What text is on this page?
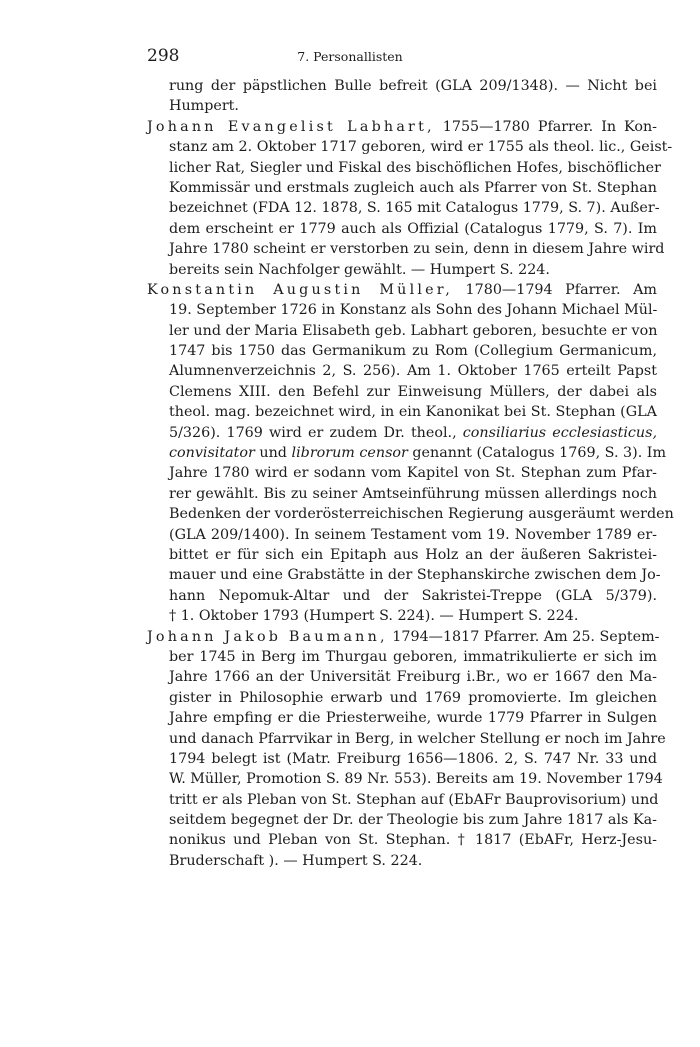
298	7. Personallisten
rung der päpstlichen Bulle befreit (GLA 209/1348). — Nicht bei
Humpert.
Johann Evangelist Labhart, 1755—1780 Pfarrer. In Kon-
stanz am 2. Oktober 1717 geboren, wird er 1755 als theol. lic., Geist-
licher Rat, Siegler und Fiskal des bischöflichen Hofes, bischöflicher
Kommissär und erstmals zugleich auch als Pfarrer von St. Stephan
bezeichnet (FDA 12. 1878, S. 165 mit Catalogus 1779, S. 7). Außer-
dem erscheint er 1779 auch als Offizial (Catalogus 1779, S. 7). Im
Jahre 1780 scheint er verstorben zu sein, denn in diesem Jahre wird
bereits sein Nachfolger gewählt. — Humpert S. 224.
Konstantin Augustin Müller, 1780—1794 Pfarrer. Am
19. September 1726 in Konstanz als Sohn des Johann Michael Mül-
ler und der Maria Elisabeth geb. Labhart geboren, besuchte er von
1747 bis 1750 das Germanikum zu Rom (Collegium Germanicum,
Alumnenverzeichnis 2, S. 256). Am 1. Oktober 1765 erteilt Papst
Clemens XIII. den Befehl zur Einweisung Müllers, der dabei als
theol. mag. bezeichnet wird, in ein Kanonikat bei St. Stephan (GLA
5/326). 1769 wird er zudem Dr. theol., consiliarius ecclesiasticus,
convisitator und librorum censor genannt (Catalogus 1769, S. 3). Im
Jahre 1780 wird er sodann vom Kapitel von St. Stephan zum Pfar-
rer gewählt. Bis zu seiner Amtseinführung müssen allerdings noch
Bedenken der vorderösterreichischen Regierung ausgeräumt werden
(GLA 209/1400). In seinem Testament vom 19. November 1789 er-
bittet er für sich ein Epitaph aus Holz an der äußeren Sakristei-
mauer und eine Grabstätte in der Stephanskirche zwischen dem Jo-
hann Nepomuk-Altar und der Sakristei-Treppe (GLA 5/379).
† 1. Oktober 1793 (Humpert S. 224). — Humpert S. 224.
Johann Jakob Baumann, 1794—1817 Pfarrer. Am 25. Septem-
ber 1745 in Berg im Thurgau geboren, immatrikulierte er sich im
Jahre 1766 an der Universität Freiburg i.Br., wo er 1667 den Ma-
gister in Philosophie erwarb und 1769 promovierte. Im gleichen
Jahre empfing er die Priesterweihe, wurde 1779 Pfarrer in Sulgen
und danach Pfarrvikar in Berg, in welcher Stellung er noch im Jahre
1794 belegt ist (Matr. Freiburg 1656—1806. 2, S. 747 Nr. 33 und
W. Müller, Promotion S. 89 Nr. 553). Bereits am 19. November 1794
tritt er als Pleban von St. Stephan auf (EbAFr Bauprovisorium) und
seitdem begegnet der Dr. der Theologie bis zum Jahre 1817 als Ka-
nonikus und Pleban von St. Stephan. † 1817 (EbAFr, Herz-Jesu-
Bruderschaft ). — Humpert S. 224.
